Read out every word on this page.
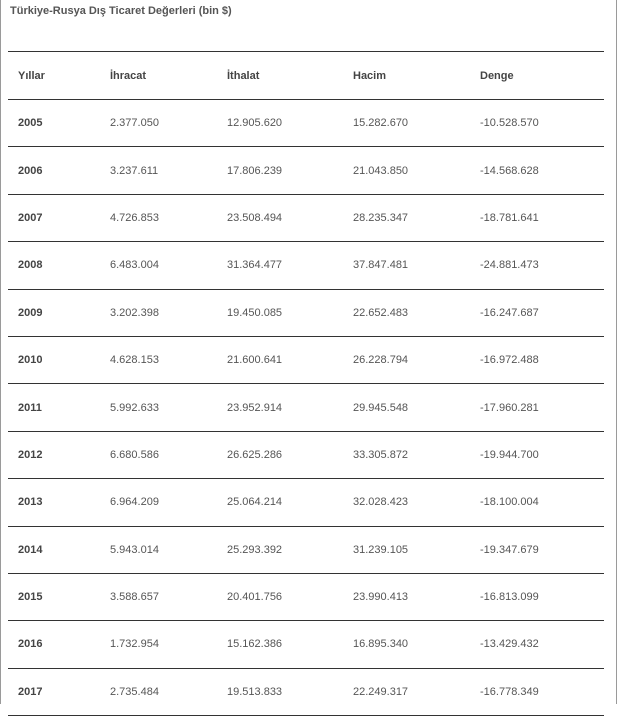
Türkiye-Rusya Dış Ticaret Değerleri (bin $)
Yıllar	İhracat	İthalat	Hacim	Denge
2005	2.377.050	12.905.620	15.282.670	-10.528.570
2006	3.237.611	17.806.239	21.043.850	-14.568.628
2007	4.726.853	23.508.494	28.235.347	-18.781.641
2008	6.483.004	31.364.477	37.847.481	-24.881.473
2009	3.202.398	19.450.085	22.652.483	-16.247.687
2010	4.628.153	21.600.641	26.228.794	-16.972.488
2011	5.992.633	23.952.914	29.945.548	-17.960.281
2012	6.680.586	26.625.286	33.305.872	-19.944.700
2013	6.964.209	25.064.214	32.028.423	-18.100.004
2014	5.943.014	25.293.392	31.239.105	-19.347.679
2015	3.588.657	20.401.756	23.990.413	-16.813.099
2016	1.732.954	15.162.386	16.895.340	-13.429.432
2017	2.735.484	19.513.833	22.249.317	-16.778.349
